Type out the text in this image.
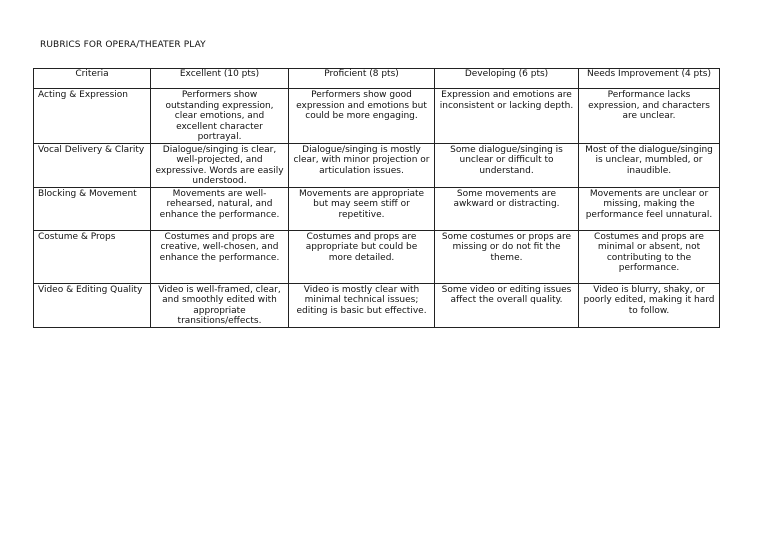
RUBRICS FOR OPERA/THEATER PLAY
Criteria	Excellent (10 pts)	Proficient (8 pts)	Developing (6 pts)	Needs Improvement (4 pts)

Acting & Expression	Performers show outstanding expression, clear emotions, and excellent character portrayal.	Performers show good expression and emotions but could be more engaging.	Expression and emotions are inconsistent or lacking depth.	Performance lacks expression, and characters are unclear.

Vocal Delivery & Clarity	Dialogue/singing is clear, well-projected, and expressive. Words are easily understood.	Dialogue/singing is mostly clear, with minor projection or articulation issues.	Some dialogue/singing is unclear or difficult to understand.	Most of the dialogue/singing is unclear, mumbled, or inaudible.

Blocking & Movement	Movements are well-rehearsed, natural, and enhance the performance.	Movements are appropriate but may seem stiff or repetitive.	Some movements are awkward or distracting.	Movements are unclear or missing, making the performance feel unnatural.

Costume & Props	Costumes and props are creative, well-chosen, and enhance the performance.	Costumes and props are appropriate but could be more detailed.	Some costumes or props are missing or do not fit the theme.	Costumes and props are minimal or absent, not contributing to the performance.

Video & Editing Quality	Video is well-framed, clear, and smoothly edited with appropriate transitions/effects.	Video is mostly clear with minimal technical issues; editing is basic but effective.	Some video or editing issues affect the overall quality.	Video is blurry, shaky, or poorly edited, making it hard to follow.
